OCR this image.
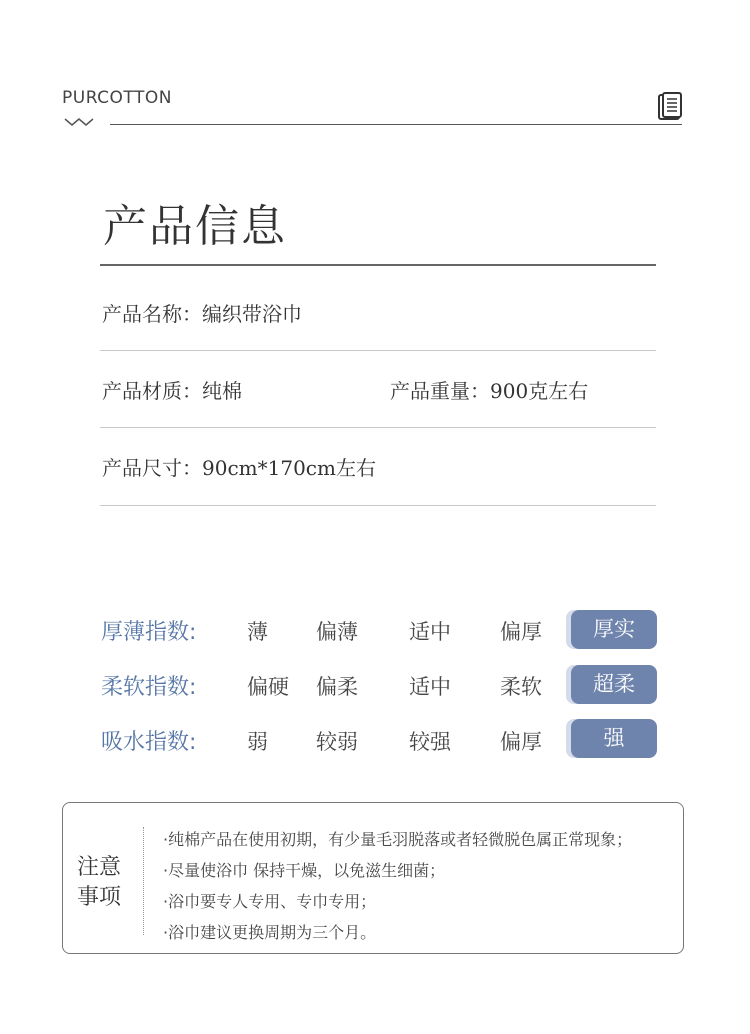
PURCOTTON
产品信息
产品名称：编织带浴巾
产品材质：纯棉	产品重量：900克左右
产品尺寸：90cm*170cm左右
厚薄指数: 薄 偏薄 适中 偏厚	厚实
柔软指数: 偏硬 偏柔 适中 柔软	超柔
吸水指数: 弱 较弱 较强 偏厚	强
注意
事项
·纯棉产品在使用初期，有少量毛羽脱落或者轻微脱色属正常现象；
·尽量使浴巾 保持干燥，以免滋生细菌；
·浴巾要专人专用、专巾专用；
·浴巾建议更换周期为三个月。
